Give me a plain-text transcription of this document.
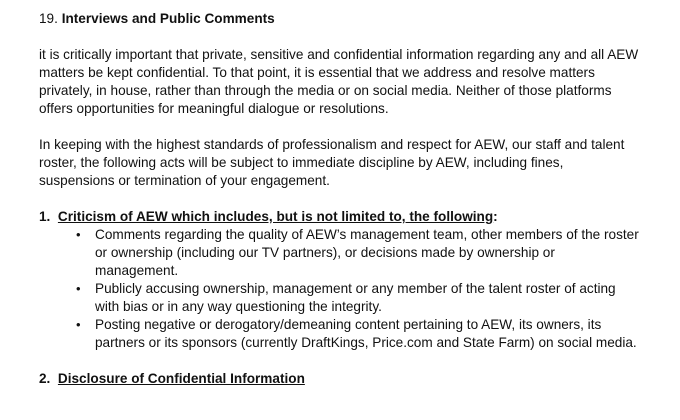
19. Interviews and Public Comments

it is critically important that private, sensitive and confidential information regarding any and all AEW matters be kept confidential. To that point, it is essential that we address and resolve matters privately, in house, rather than through the media or on social media. Neither of those platforms offers opportunities for meaningful dialogue or resolutions.

In keeping with the highest standards of professionalism and respect for AEW, our staff and talent roster, the following acts will be subject to immediate discipline by AEW, including fines, suspensions or termination of your engagement.

1. Criticism of AEW which includes, but is not limited to, the following:
• Comments regarding the quality of AEW’s management team, other members of the roster or ownership (including our TV partners), or decisions made by ownership or management.
• Publicly accusing ownership, management or any member of the talent roster of acting with bias or in any way questioning the integrity.
• Posting negative or derogatory/demeaning content pertaining to AEW, its owners, its partners or its sponsors (currently DraftKings, Price.com and State Farm) on social media.
2. Disclosure of Confidential Information
